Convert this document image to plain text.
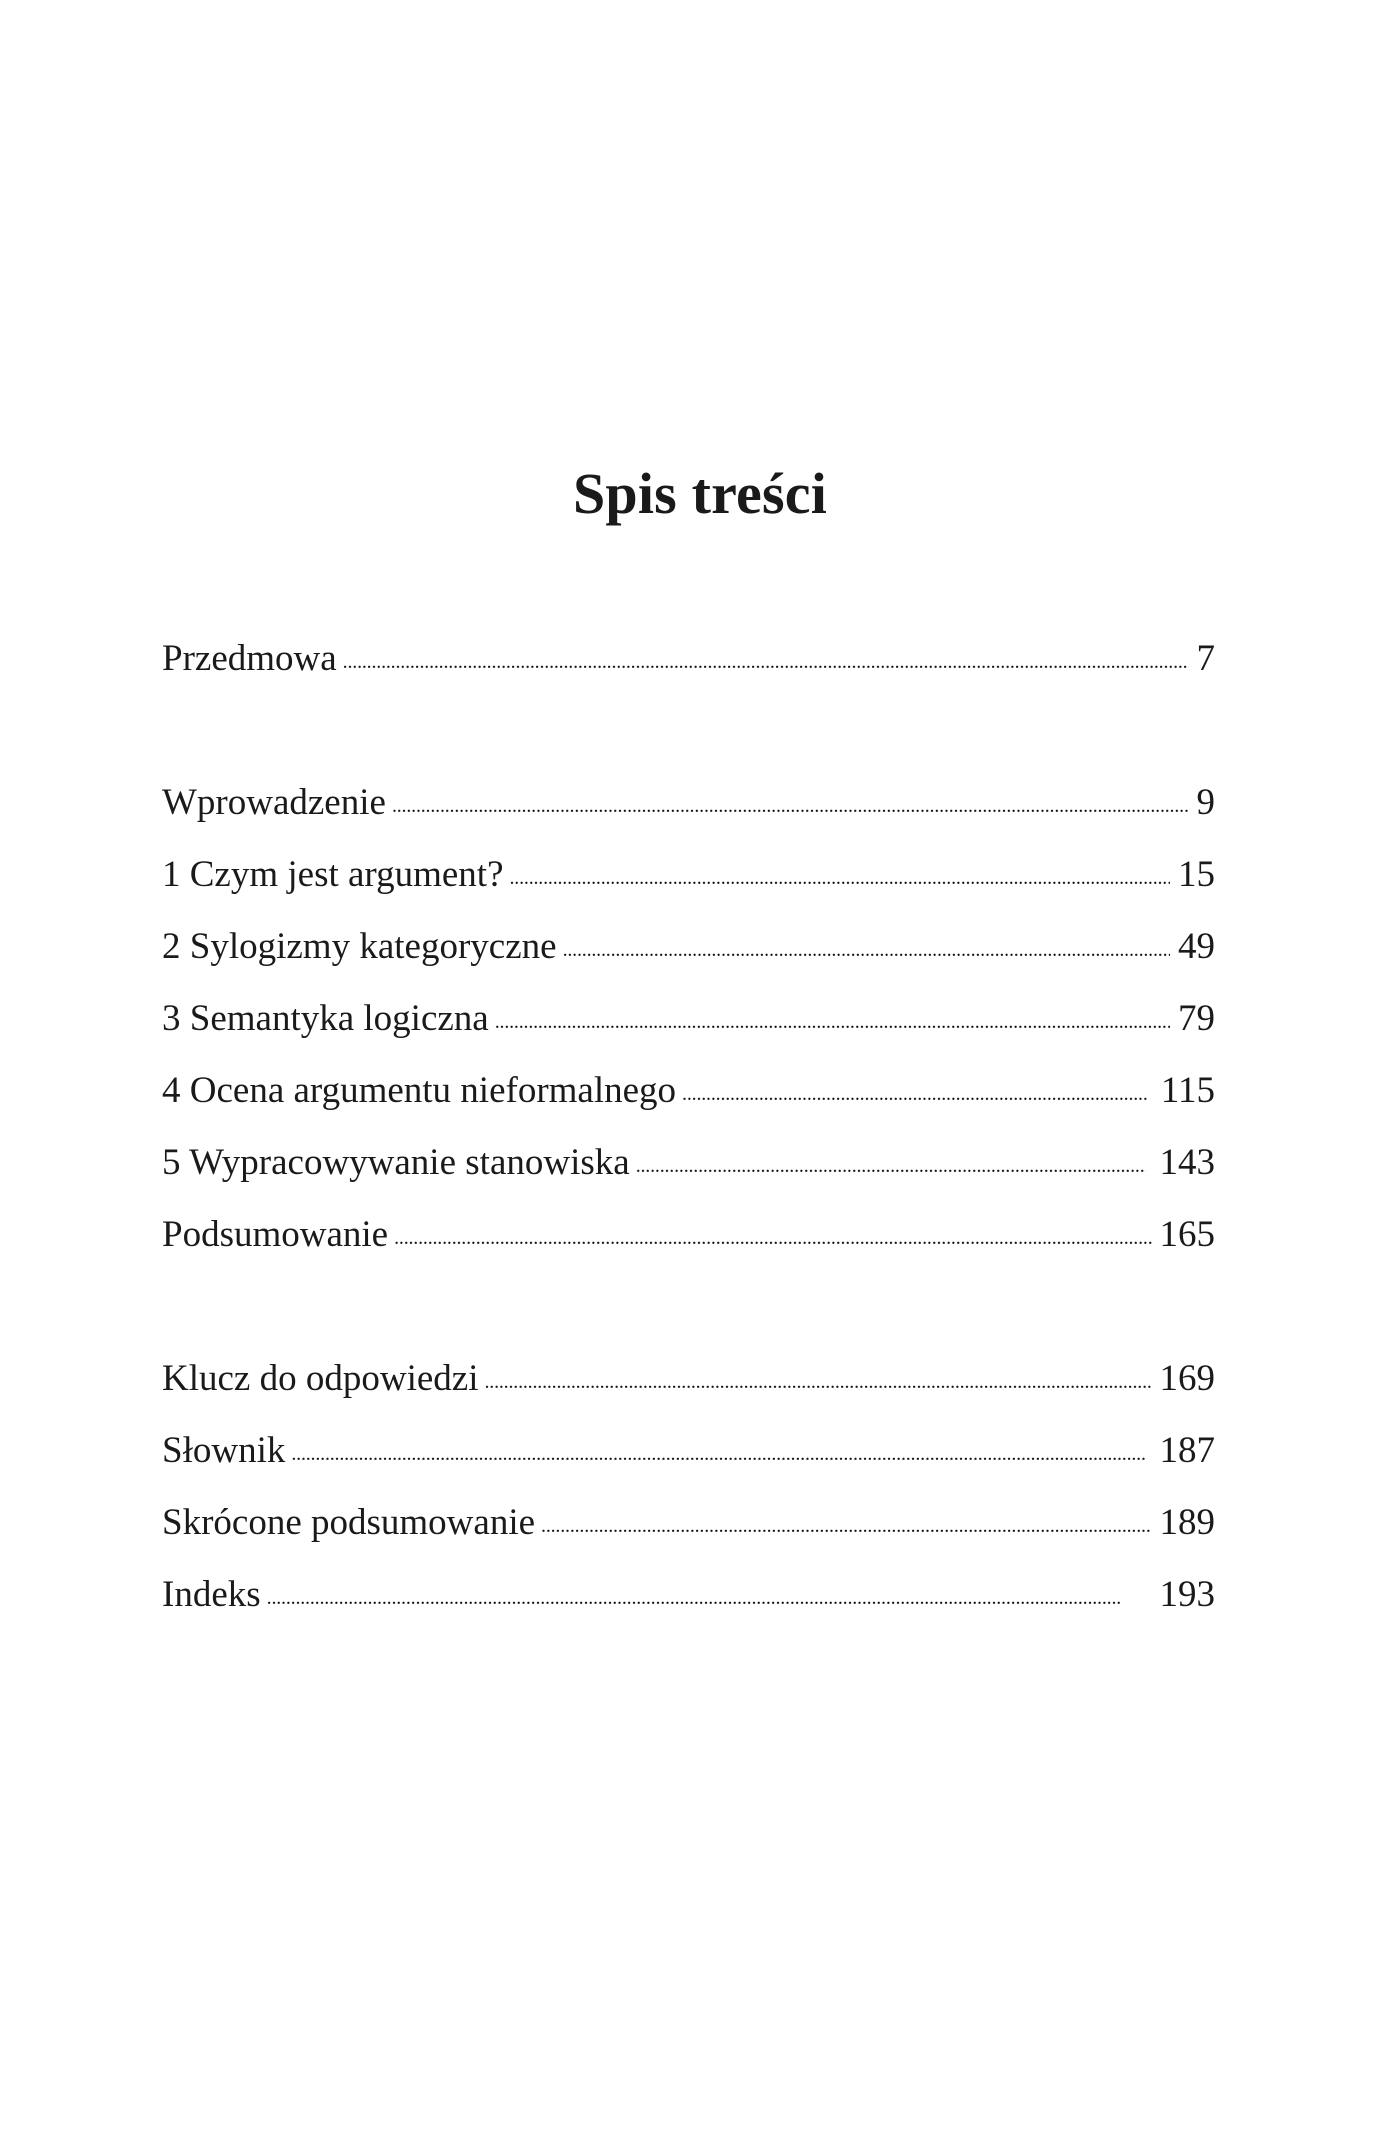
Spis treści
Przedmowa . . .	7
Wprowadzenie . . .	9
1 Czym jest argument? . . .	15
2 Sylogizmy kategoryczne . . .	49
3 Semantyka logiczna . . .	79
4 Ocena argumentu nieformalnego . . .	115
5 Wypracowywanie stanowiska . . .	143
Podsumowanie . . .	165
Klucz do odpowiedzi . . .	169
Słownik . . .	187
Skrócone podsumowanie . . .	189
Indeks . . .	193
